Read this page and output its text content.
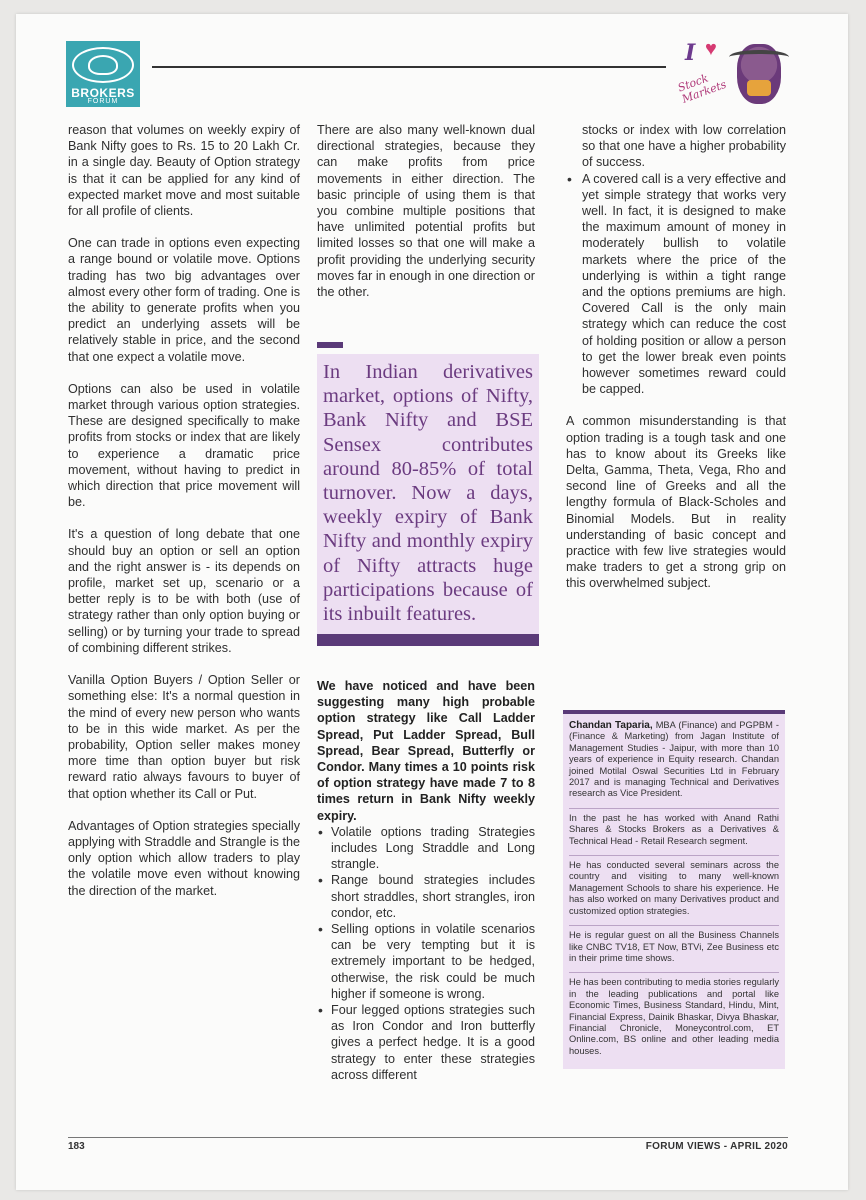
BROKERS
FORUM
I ♥
Stock Markets

reason that volumes on weekly expiry of Bank Nifty goes to Rs. 15 to 20 Lakh Cr. in a single day. Beauty of Option strategy is that it can be applied for any kind of expected market move and most suitable for all profile of clients.

One can trade in options even expecting a range bound or volatile move. Options trading has two big advantages over almost every other form of trading. One is the ability to generate profits when you predict an underlying assets will be relatively stable in price, and the second that one expect a volatile move.

Options can also be used in volatile market through various option strategies. These are designed specifically to make profits from stocks or index that are likely to experience a dramatic price movement, without having to predict in which direction that price movement will be.

It's a question of long debate that one should buy an option or sell an option and the right answer is - its depends on profile, market set up, scenario or a better reply is to be with both (use of strategy rather than only option buying or selling) or by turning your trade to spread of combining different strikes.

Vanilla Option Buyers / Option Seller or something else: It's a normal question in the mind of every new person who wants to be in this wide market. As per the probability, Option seller makes money more time than option buyer but risk reward ratio always favours to buyer of that option whether its Call or Put.

Advantages of Option strategies specially applying with Straddle and Strangle is the only option which allow traders to play the volatile move even without knowing the direction of the market.

There are also many well-known dual directional strategies, because they can make profits from price movements in either direction. The basic principle of using them is that you combine multiple positions that have unlimited potential profits but limited losses so that one will make a profit providing the underlying security moves far in enough in one direction or the other.

In Indian derivatives market, options of Nifty, Bank Nifty and BSE Sensex contributes around 80-85% of total turnover. Now a days, weekly expiry of Bank Nifty and monthly expiry of Nifty attracts huge participations because of its inbuilt features.
We have noticed and have been suggesting many high probable option strategy like Call Ladder Spread, Put Ladder Spread, Bull Spread, Bear Spread, Butterfly or Condor. Many times a 10 points risk of option strategy have made 7 to 8 times return in Bank Nifty weekly expiry.
• Volatile options trading Strategies includes Long Straddle and Long strangle.
• Range bound strategies includes short straddles, short strangles, iron condor, etc.
• Selling options in volatile scenarios can be very tempting but it is extremely important to be hedged, otherwise, the risk could be much higher if someone is wrong.
• Four legged options strategies such as Iron Condor and Iron butterfly gives a perfect hedge. It is a good strategy to enter these strategies across different

stocks or index with low correlation so that one have a higher probability of success.

• A covered call is a very effective and yet simple strategy that works very well. In fact, it is designed to make the maximum amount of money in moderately bullish to volatile markets where the price of the underlying is within a tight range and the options premiums are high. Covered Call is the only main strategy which can reduce the cost of holding position or allow a person to get the lower break even points however sometimes reward could be capped.

A common misunderstanding is that option trading is a tough task and one has to know about its Greeks like Delta, Gamma, Theta, Vega, Rho and second line of Greeks and all the lengthy formula of Black-Scholes and Binomial Models. But in reality understanding of basic concept and practice with few live strategies would make traders to get a strong grip on this overwhelmed subject.

Chandan Taparia, MBA (Finance) and PGPBM - (Finance & Marketing) from Jagan Institute of Management Studies - Jaipur, with more than 10 years of experience in Equity research. Chandan joined Motilal Oswal Securities Ltd in February 2017 and is managing Technical and Derivatives research as Vice President.

In the past he has worked with Anand Rathi Shares & Stocks Brokers as a Derivatives & Technical Head - Retail Research segment.

He has conducted several seminars across the country and visiting to many well-known Management Schools to share his experience. He has also worked on many Derivatives product and customized option strategies.

He is regular guest on all the Business Channels like CNBC TV18, ET Now, BTVi, Zee Business etc in their prime time shows.

He has been contributing to media stories regularly in the leading publications and portal like Economic Times, Business Standard, Hindu, Mint, Financial Express, Dainik Bhaskar, Divya Bhaskar, Financial Chronicle, Moneycontrol.com, ET Online.com, BS online and other leading media houses.

183	FORUM VIEWS - APRIL 2020
